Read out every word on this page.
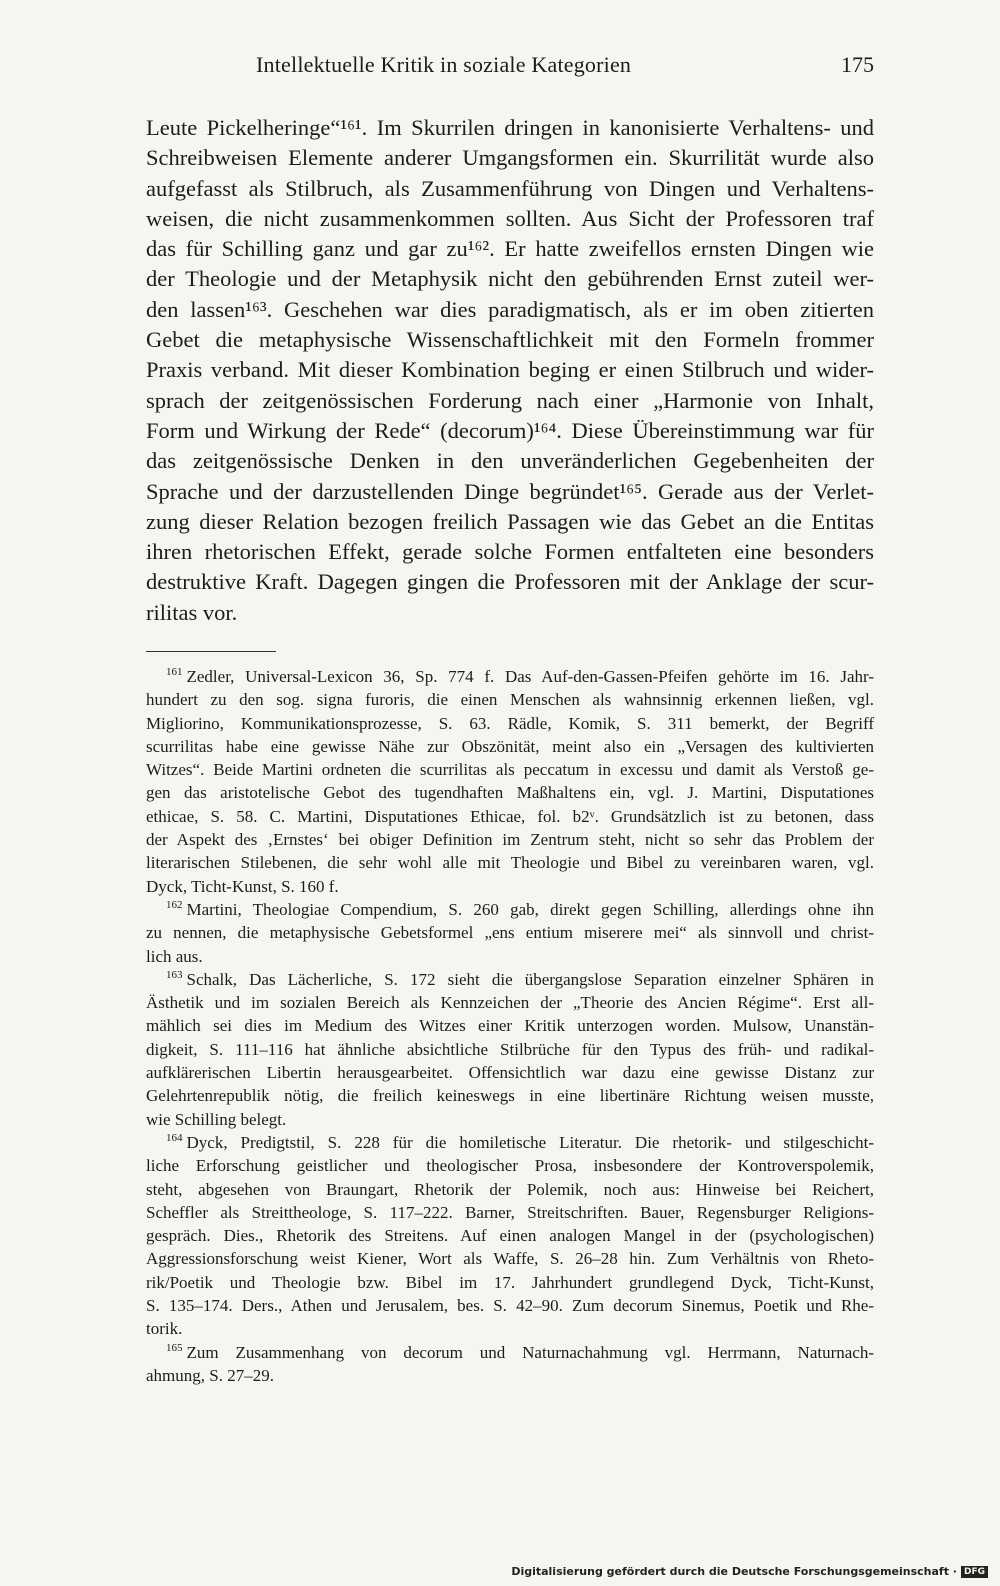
Intellektuelle Kritik in soziale Kategorien	175
Leute Pickelheringe“¹⁶¹. Im Skurrilen dringen in kanonisierte Verhaltens- und
Schreibweisen Elemente anderer Umgangsformen ein. Skurrilität wurde also
aufgefasst als Stilbruch, als Zusammenführung von Dingen und Verhaltens-
weisen, die nicht zusammenkommen sollten. Aus Sicht der Professoren traf
das für Schilling ganz und gar zu¹⁶². Er hatte zweifellos ernsten Dingen wie
der Theologie und der Metaphysik nicht den gebührenden Ernst zuteil wer-
den lassen¹⁶³. Geschehen war dies paradigmatisch, als er im oben zitierten
Gebet die metaphysische Wissenschaftlichkeit mit den Formeln frommer
Praxis verband. Mit dieser Kombination beging er einen Stilbruch und wider-
sprach der zeitgenössischen Forderung nach einer „Harmonie von Inhalt,
Form und Wirkung der Rede“ (decorum)¹⁶⁴. Diese Übereinstimmung war für
das zeitgenössische Denken in den unveränderlichen Gegebenheiten der
Sprache und der darzustellenden Dinge begründet¹⁶⁵. Gerade aus der Verlet-
zung dieser Relation bezogen freilich Passagen wie das Gebet an die Entitas
ihren rhetorischen Effekt, gerade solche Formen entfalteten eine besonders
destruktive Kraft. Dagegen gingen die Professoren mit der Anklage der scur-
rilitas vor.
$^{161}$ Zedler, Universal-Lexicon 36, Sp. 774 f. Das Auf-den-Gassen-Pfeifen gehörte im 16. Jahr-
hundert zu den sog. signa furoris, die einen Menschen als wahnsinnig erkennen ließen, vgl.
Migliorino, Kommunikationsprozesse, S. 63. Rädle, Komik, S. 311 bemerkt, der Begriff
scurrilitas habe eine gewisse Nähe zur Obszönität, meint also ein „Versagen des kultivierten
Witzes“. Beide Martini ordneten die scurrilitas als peccatum in excessu und damit als Verstoß ge-
gen das aristotelische Gebot des tugendhaften Maßhaltens ein, vgl. J. Martini, Disputationes
ethicae, S. 58. C. Martini, Disputationes Ethicae, fol. b2ᵛ. Grundsätzlich ist zu betonen, dass
der Aspekt des ‚Ernstes‘ bei obiger Definition im Zentrum steht, nicht so sehr das Problem der
literarischen Stilebenen, die sehr wohl alle mit Theologie und Bibel zu vereinbaren waren, vgl.
Dyck, Ticht-Kunst, S. 160 f.
$^{162}$ Martini, Theologiae Compendium, S. 260 gab, direkt gegen Schilling, allerdings ohne ihn
zu nennen, die metaphysische Gebetsformel „ens entium miserere mei“ als sinnvoll und christ-
lich aus.
$^{163}$ Schalk, Das Lächerliche, S. 172 sieht die übergangslose Separation einzelner Sphären in
Ästhetik und im sozialen Bereich als Kennzeichen der „Theorie des Ancien Régime“. Erst all-
mählich sei dies im Medium des Witzes einer Kritik unterzogen worden. Mulsow, Unanstän-
digkeit, S. 111–116 hat ähnliche absichtliche Stilbrüche für den Typus des früh- und radikal-
aufklärerischen Libertin herausgearbeitet. Offensichtlich war dazu eine gewisse Distanz zur
Gelehrtenrepublik nötig, die freilich keineswegs in eine libertinäre Richtung weisen musste,
wie Schilling belegt.
$^{164}$ Dyck, Predigtstil, S. 228 für die homiletische Literatur. Die rhetorik- und stilgeschicht-
liche Erforschung geistlicher und theologischer Prosa, insbesondere der Kontroverspolemik,
steht, abgesehen von Braungart, Rhetorik der Polemik, noch aus: Hinweise bei Reichert,
Scheffler als Streittheologe, S. 117–222. Barner, Streitschriften. Bauer, Regensburger Religions-
gespräch. Dies., Rhetorik des Streitens. Auf einen analogen Mangel in der (psychologischen)
Aggressionsforschung weist Kiener, Wort als Waffe, S. 26–28 hin. Zum Verhältnis von Rheto-
rik/Poetik und Theologie bzw. Bibel im 17. Jahrhundert grundlegend Dyck, Ticht-Kunst,
S. 135–174. Ders., Athen und Jerusalem, bes. S. 42–90. Zum decorum Sinemus, Poetik und Rhe-
torik.
$^{165}$ Zum Zusammenhang von decorum und Naturnachahmung vgl. Herrmann, Naturnach-
ahmung, S. 27–29.
Digitalisierung gefördert durch die Deutsche Forschungsgemeinschaft · DFG
